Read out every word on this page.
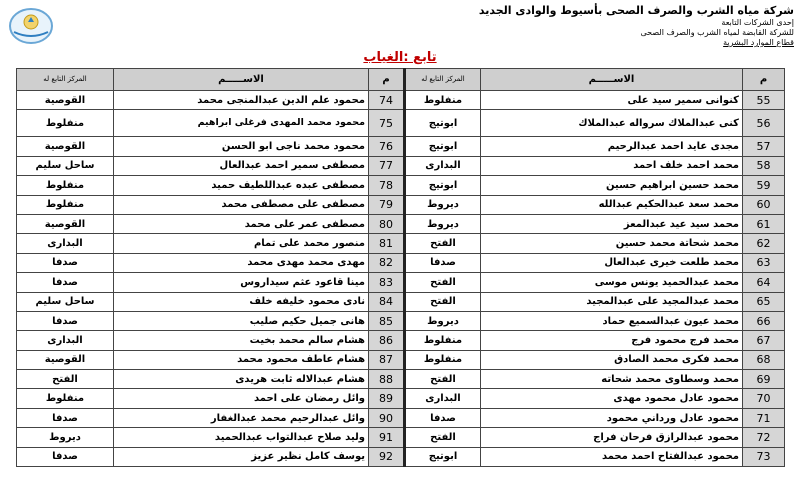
شركة مياه الشرب والصرف الصحى بأسيوط والوادى الجديد
إحدى الشركات التابعة
للشركة القابضة لمياه الشرب والصرف الصحى
قطاع الموارد البشرية
تابع :الغياب
م	الاســـــم	المركز التابع له	م	الاســـــم	المركز التابع له
55	كنوانى سمير سيد على	منفلوط	74	محمود علم الدين عبدالمنجى محمد	القوصية
56	كنى عبدالملاك سرواله عبدالملاك	ابوتيج	75	محمود محمد المهدى فرغلى ابراهيم	منفلوط
57	مجدى عايد احمد عبدالرحيم	ابوتيج	76	محمود محمد ناجى ابو الحسن	القوصية
58	محمد احمد خلف احمد	البدارى	77	مصطفى سمير احمد عبدالعال	ساحل سليم
59	محمد حسين ابراهيم حسين	ابوتيج	78	مصطفى عبده عبداللطيف حميد	منفلوط
60	محمد سعد عبدالحكيم عبدالله	ديروط	79	مصطفى على مصطفى محمد	منفلوط
61	محمد سيد عيد عبدالمعز	ديروط	80	مصطفى عمر على محمد	القوصية
62	محمد شحاتة محمد حسين	الفتح	81	منصور محمد على تمام	البدارى
63	محمد طلعت خيرى عبدالعال	صدفا	82	مهدى محمد مهدى محمد	صدفا
64	محمد عبدالحميد يونس موسى	الفتح	83	مينا قاعود عثم سيداروس	صدفا
65	محمد عبدالمجيد على عبدالمجيد	الفتح	84	نادى محمود خليفه خلف	ساحل سليم
66	محمد عيون عبدالسميع حماد	ديروط	85	هانى جميل حكيم صليب	صدفا
67	محمد فرج محمود فرج	منفلوط	86	هشام سالم محمد بخيت	البدارى
68	محمد فكرى محمد الصادق	منفلوط	87	هشام عاطف محمود محمد	القوصية
69	محمد وسطاوى محمد شحاته	الفتح	88	هشام عبدالاله ثابت هريدى	الفتح
70	محمود عادل محمود مهدى	البدارى	89	وائل رمضان على احمد	منفلوط
71	محمود عادل ورداني محمود	صدفا	90	وائل عبدالرحيم محمد عبدالغفار	صدفا
72	محمود عبدالرازق فرحان فراج	الفتح	91	وليد صلاح عبدالتواب عبدالحميد	ديروط
73	محمود عبدالفتاح احمد محمد	ابوتيج	92	يوسف كامل نظير عزيز	صدفا
